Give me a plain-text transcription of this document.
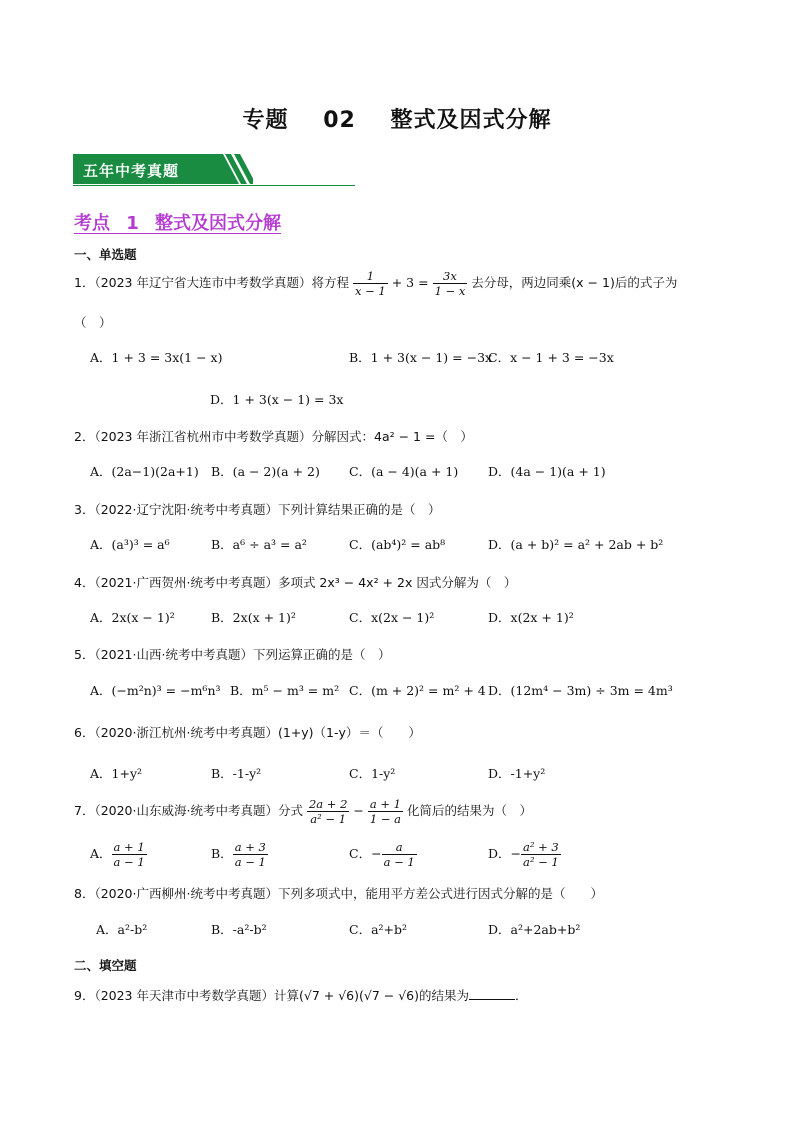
专题 02 整式及因式分解
五年中考真题
考点 1 整式及因式分解
一、单选题
1．（2023 年辽宁省大连市中考数学真题）将方程 $\frac{1}{x - 1} + 3 = \frac{3x}{1 - x}$ 去分母，两边同乘(x − 1)后的式子为
（　）
A．1 + 3 = 3x(1 − x)	B．1 + 3(x − 1) = −3x
C．x − 1 + 3 = −3x
D．1 + 3(x − 1) = 3x
2．（2023 年浙江省杭州市中考数学真题）分解因式：4a² − 1 =（　）
A．(2a−1)(2a+1) B．(a − 2)(a + 2) C．(a − 4)(a + 1) D．(4a − 1)(a + 1)
3．（2022·辽宁沈阳·统考中考真题）下列计算结果正确的是（　）
A．(a³)³ = a⁶	B．a⁶ ÷ a³ = a²	C．(ab⁴)² = ab⁸	D．(a + b)² = a² + 2ab + b²
4．（2021·广西贺州·统考中考真题）多项式 2x³ − 4x² + 2x 因式分解为（　）
A．2x(x − 1)²	B．2x(x + 1)²	C．x(2x − 1)²	D．x(2x + 1)²
5．（2021·山西·统考中考真题）下列运算正确的是（　）
A．(−m²n)³ = −m⁶n³ B．m⁵ − m³ = m² C．(m + 2)² = m² + 4 D．(12m⁴ − 3m) ÷ 3m = 4m³
6．（2020·浙江杭州·统考中考真题）(1+y)（1-y）＝（　　）
A．1+y²	B．-1-y²	C．1-y²	D．-1+y²
7．（2020·山东威海·统考中考真题）分式 $\frac{2a + 2}{\text{a² − 1}} - \frac{a + 1}{1 - a}$ 化简后的结果为（　）
A． $\frac{a + 1}{a - 1}$	B． $\frac{a + 3}{a - 1}$	C．− $\frac{a}{a - 1}$	D．− $\frac{\text{a² + 3}}{\text{a² − 1}}$
8．（2020·广西柳州·统考中考真题）下列多项式中，能用平方差公式进行因式分解的是（　　）
A．a²-b²	B．-a²-b²	C．a²+b²	D．a²+2ab+b²
二、填空题
9．（2023 年天津市中考数学真题）计算(√7 + √6)(√7 − √6)的结果为	．
